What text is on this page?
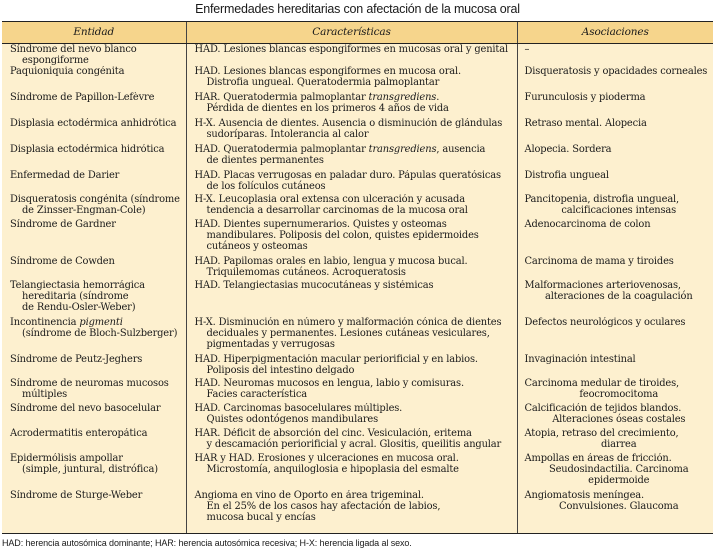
Enfermedades hereditarias con afectación de la mucosa oral
Entidad	Características	Asociaciones
Síndrome del nevo blanco
espongiforme	HAD. Lesiones blancas espongiformes en mucosas oral y genital	–
Paquioniquia congénita	HAD. Lesiones blancas espongiformes en mucosa oral.
Distrofia ungueal. Queratodermia palmoplantar	Disqueratosis y opacidades corneales
Síndrome de Papillon-Lefèvre	HAR. Queratodermia palmoplantar transgrediens.
Pérdida de dientes en los primeros 4 años de vida	Furunculosis y pioderma
Displasia ectodérmica anhidrótica	H-X. Ausencia de dientes. Ausencia o disminución de glándulas
sudoríparas. Intolerancia al calor	Retraso mental. Alopecia
Displasia ectodérmica hidrótica	HAD. Queratodermia palmoplantar transgrediens, ausencia
de dientes permanentes	Alopecia. Sordera
Enfermedad de Darier	HAD. Placas verrugosas en paladar duro. Pápulas queratósicas
de los folículos cutáneos	Distrofia ungueal
Disqueratosis congénita (síndrome
de Zinsser-Engman-Cole)	H-X. Leucoplasia oral extensa con ulceración y acusada
tendencia a desarrollar carcinomas de la mucosa oral	Pancitopenia, distrofia ungueal,
calcificaciones intensas

Síndrome de Gardner	HAD. Dientes supernumerarios. Quistes y osteomas
mandibulares. Poliposis del colon, quistes epidermoides
cutáneos y osteomas	Adenocarcinoma de colon
Síndrome de Cowden	HAD. Papilomas orales en labio, lengua y mucosa bucal.
Triquilemomas cutáneos. Acroqueratosis	Carcinoma de mama y tiroides
Telangiectasia hemorrágica
hereditaria (síndrome
de Rendu-Osler-Weber)	HAD. Telangiectasias mucocutáneas y sistémicas	Malformaciones arteriovenosas,
alteraciones de la coagulación

Incontinencia pigmenti
(síndrome de Bloch-Sulzberger)	H-X. Disminución en número y malformación cónica de dientes
deciduales y permanentes. Lesiones cutáneas vesiculares,
pigmentadas y verrugosas	Defectos neurológicos y oculares
Síndrome de Peutz-Jeghers	HAD. Hiperpigmentación macular periorificial y en labios.
Poliposis del intestino delgado	Invaginación intestinal
Síndrome de neuromas mucosos
múltiples	HAD. Neuromas mucosos en lengua, labio y comisuras.
Facies característica	Carcinoma medular de tiroides,
feocromocitoma

Síndrome del nevo basocelular	HAD. Carcinomas basocelulares múltiples.
Quistes odontógenos mandibulares	Calcificación de tejidos blandos.
Alteraciones óseas costales

Acrodermatitis enteropática	HAR. Déficit de absorción del cinc. Vesiculación, eritema
y descamación periorificial y acral. Glositis, queilitis angular	Atopia, retraso del crecimiento,
diarrea

Epidermólisis ampollar
(simple, juntural, distrófica)	HAR y HAD. Erosiones y ulceraciones en mucosa oral.
Microstomía, anquiloglosia e hipoplasia del esmalte	Ampollas en áreas de fricción.
Seudosindactilia. Carcinoma
epidermoide

Síndrome de Sturge-Weber	Angioma en vino de Oporto en área trigeminal.
En el 25% de los casos hay afectación de labios,
mucosa bucal y encías	Angiomatosis meníngea.
Convulsiones. Glaucoma
HAD: herencia autosómica dominante; HAR: herencia autosómica recesiva; H-X: herencia ligada al sexo.
